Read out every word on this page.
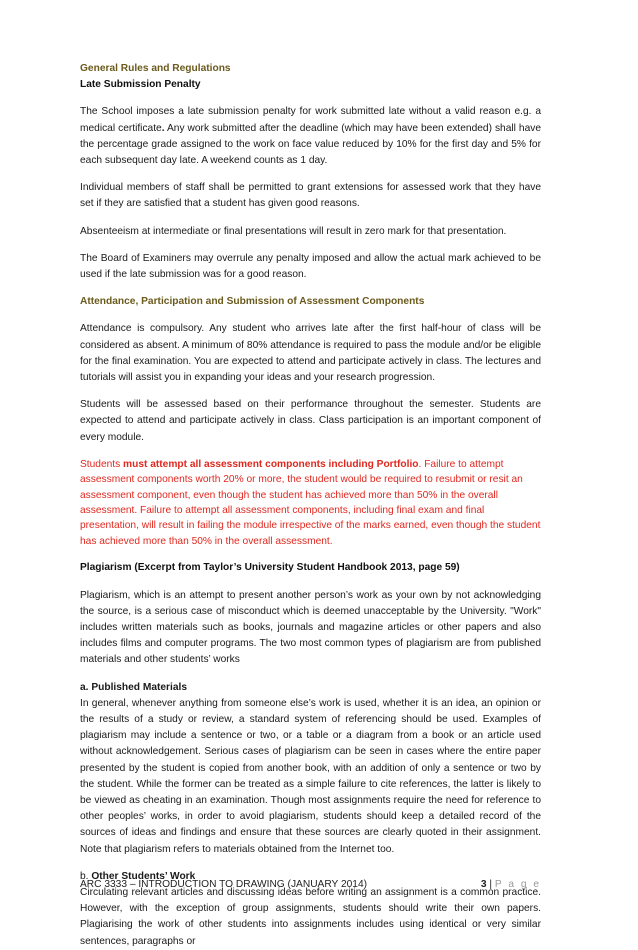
General Rules and Regulations
Late Submission Penalty

The School imposes a late submission penalty for work submitted late without a valid reason e.g. a medical certificate. Any work submitted after the deadline (which may have been extended) shall have the percentage grade assigned to the work on face value reduced by 10% for the first day and 5% for each subsequent day late. A weekend counts as 1 day.

Individual members of staff shall be permitted to grant extensions for assessed work that they have set if they are satisfied that a student has given good reasons.

Absenteeism at intermediate or final presentations will result in zero mark for that presentation.

The Board of Examiners may overrule any penalty imposed and allow the actual mark achieved to be used if the late submission was for a good reason.

Attendance, Participation and Submission of Assessment Components

Attendance is compulsory. Any student who arrives late after the first half-hour of class will be considered as absent. A minimum of 80% attendance is required to pass the module and/or be eligible for the final examination. You are expected to attend and participate actively in class. The lectures and tutorials will assist you in expanding your ideas and your research progression.

Students will be assessed based on their performance throughout the semester. Students are expected to attend and participate actively in class. Class participation is an important component of every module.

Students must attempt all assessment components including Portfolio. Failure to attempt assessment components worth 20% or more, the student would be required to resubmit or resit an assessment component, even though the student has achieved more than 50% in the overall assessment. Failure to attempt all assessment components, including final exam and final presentation, will result in failing the module irrespective of the marks earned, even though the student has achieved more than 50% in the overall assessment.

Plagiarism (Excerpt from Taylor’s University Student Handbook 2013, page 59)

Plagiarism, which is an attempt to present another person’s work as your own by not acknowledging the source, is a serious case of misconduct which is deemed unacceptable by the University. "Work" includes written materials such as books, journals and magazine articles or other papers and also includes films and computer programs. The two most common types of plagiarism are from published materials and other students’ works

a. Published Materials

In general, whenever anything from someone else’s work is used, whether it is an idea, an opinion or the results of a study or review, a standard system of referencing should be used. Examples of plagiarism may include a sentence or two, or a table or a diagram from a book or an article used without acknowledgement. Serious cases of plagiarism can be seen in cases where the entire paper presented by the student is copied from another book, with an addition of only a sentence or two by the student. While the former can be treated as a simple failure to cite references, the latter is likely to be viewed as cheating in an examination. Though most assignments require the need for reference to other peoples’ works, in order to avoid plagiarism, students should keep a detailed record of the sources of ideas and findings and ensure that these sources are clearly quoted in their assignment. Note that plagiarism refers to materials obtained from the Internet too.

b. Other Students’ Work

Circulating relevant articles and discussing ideas before writing an assignment is a common practice. However, with the exception of group assignments, students should write their own papers. Plagiarising the work of other students into assignments includes using identical or very similar sentences, paragraphs or

ARC 3333 – INTRODUCTION TO DRAWING (JANUARY 2014)	3 | P a g e
